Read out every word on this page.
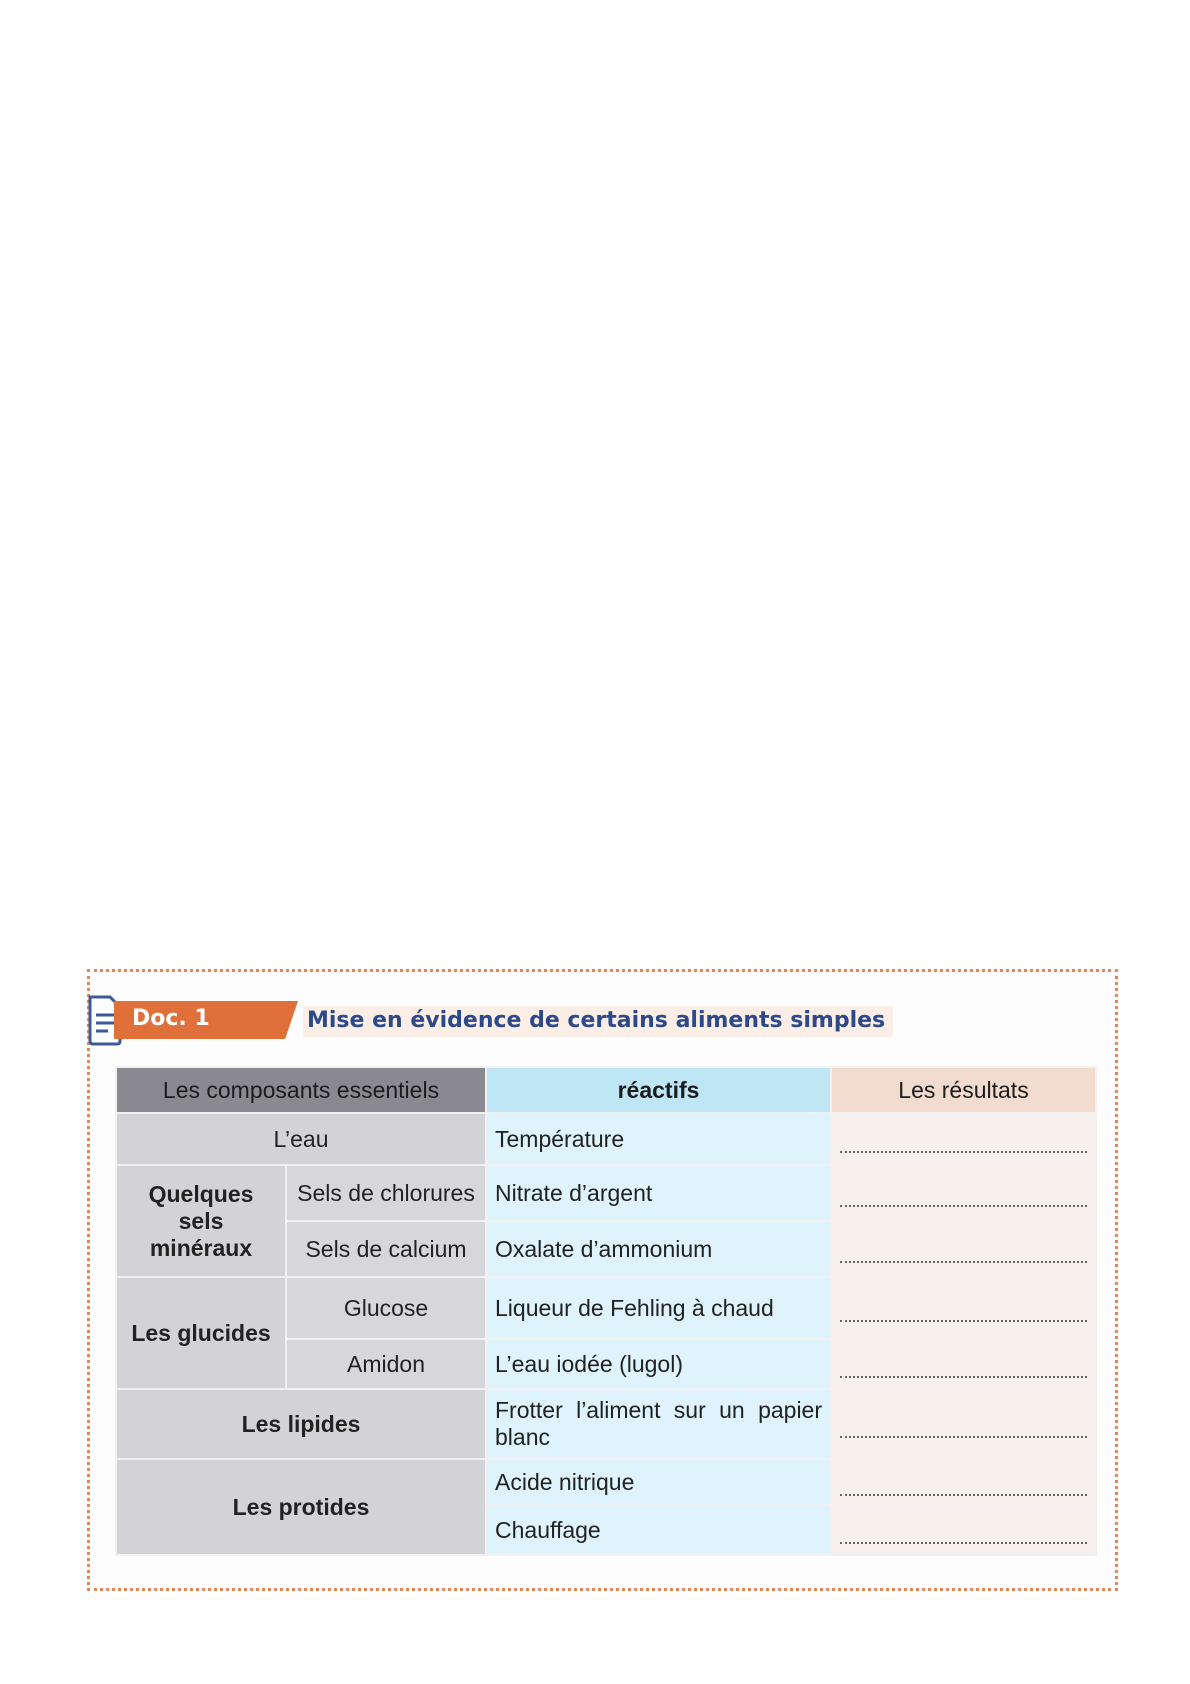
Doc. 1	Mise en évidence de certains aliments simples
Les composants essentiels		réactifs	Les résultats
L’eau		Température	

Quelques sels minéraux	Sels de chlorures	Nitrate d’argent	

	Sels de calcium	Oxalate d’ammonium	

Les glucides	Glucose	Liqueur de Fehling à chaud	

	Amidon	L’eau iodée (lugol)	

Les lipides		Frotter l’aliment sur un papier blanc	

Les protides		Acide nitrique	

		Chauffage	
